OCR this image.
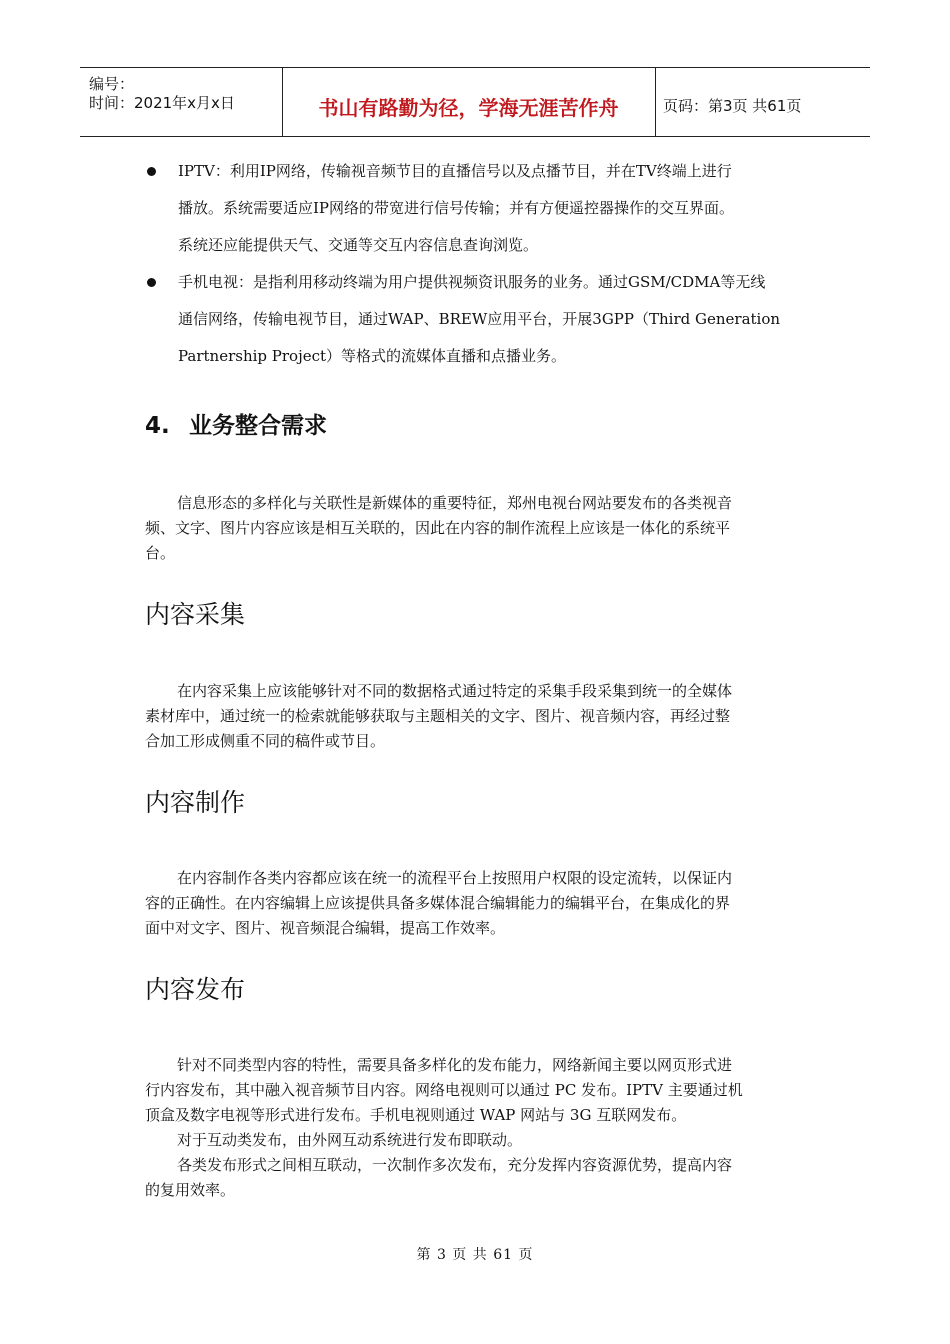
编号：
时间：2021年x月x日	书山有路勤为径，学海无涯苦作舟	页码：第3页 共61页
IPTV：利用IP网络，传输视音频节目的直播信号以及点播节目，并在TV终端上进行
播放。系统需要适应IP网络的带宽进行信号传输；并有方便遥控器操作的交互界面。
系统还应能提供天气、交通等交互内容信息查询浏览。
手机电视：是指利用移动终端为用户提供视频资讯服务的业务。通过GSM/CDMA等无线
通信网络，传输电视节目，通过WAP、BREW应用平台，开展3GPP（Third Generation
Partnership Project）等格式的流媒体直播和点播业务。
4. 业务整合需求
信息形态的多样化与关联性是新媒体的重要特征，郑州电视台网站要发布的各类视音
频、文字、图片内容应该是相互关联的，因此在内容的制作流程上应该是一体化的系统平
台。
内容采集
在内容采集上应该能够针对不同的数据格式通过特定的采集手段采集到统一的全媒体
素材库中，通过统一的检索就能够获取与主题相关的文字、图片、视音频内容，再经过整
合加工形成侧重不同的稿件或节目。
内容制作
在内容制作各类内容都应该在统一的流程平台上按照用户权限的设定流转，以保证内
容的正确性。在内容编辑上应该提供具备多媒体混合编辑能力的编辑平台，在集成化的界
面中对文字、图片、视音频混合编辑，提高工作效率。
内容发布
针对不同类型内容的特性，需要具备多样化的发布能力，网络新闻主要以网页形式进
行内容发布，其中融入视音频节目内容。网络电视则可以通过 PC 发布。IPTV 主要通过机
顶盒及数字电视等形式进行发布。手机电视则通过 WAP 网站与 3G 互联网发布。
对于互动类发布，由外网互动系统进行发布即联动。
各类发布形式之间相互联动，一次制作多次发布，充分发挥内容资源优势，提高内容
的复用效率。
第 3 页 共 61 页
